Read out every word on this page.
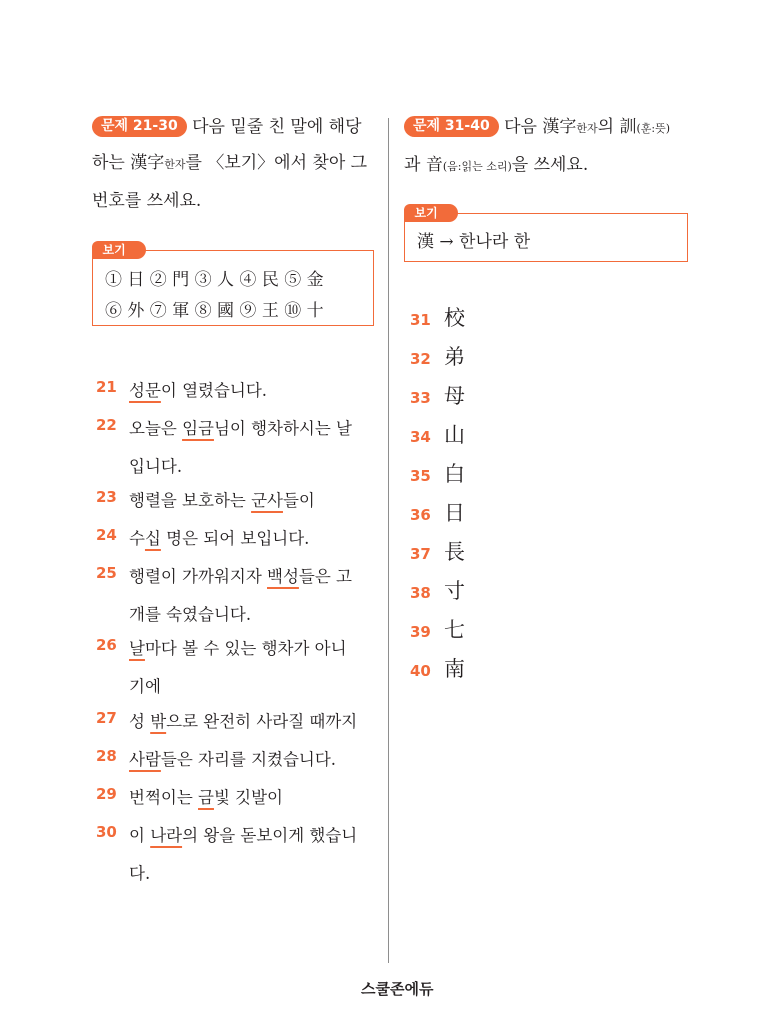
문제 21-30 다음 밑줄 친 말에 해당
하는 漢字한자를 〈보기〉에서 찾아 그
번호를 쓰세요.
보기

① 日 ② 門 ③ 人 ④ 民 ⑤ 金

⑥ 外 ⑦ 軍 ⑧ 國 ⑨ 王 ⑩ 十

21 성문이 열렸습니다.

22 오늘은 임금님이 행차하시는 날
입니다.

23 행렬을 보호하는 군사들이

24 수십 명은 되어 보입니다.

25 행렬이 가까워지자 백성들은 고
개를 숙였습니다.

26 날마다 볼 수 있는 행차가 아니
기에

27 성 밖으로 완전히 사라질 때까지

28 사람들은 자리를 지켰습니다.

29 번쩍이는 금빛 깃발이

30 이 나라의 왕을 돋보이게 했습니
다.

문제 31-40 다음 漢字한자의 訓(훈:뜻)
과 音(음:읽는 소리)을 쓰세요.
보기

漢 → 한나라 한

31 校
32 弟
33 母
34 山
35 白
36 日
37 長
38 寸
39 七
40 南
스쿨존에듀
